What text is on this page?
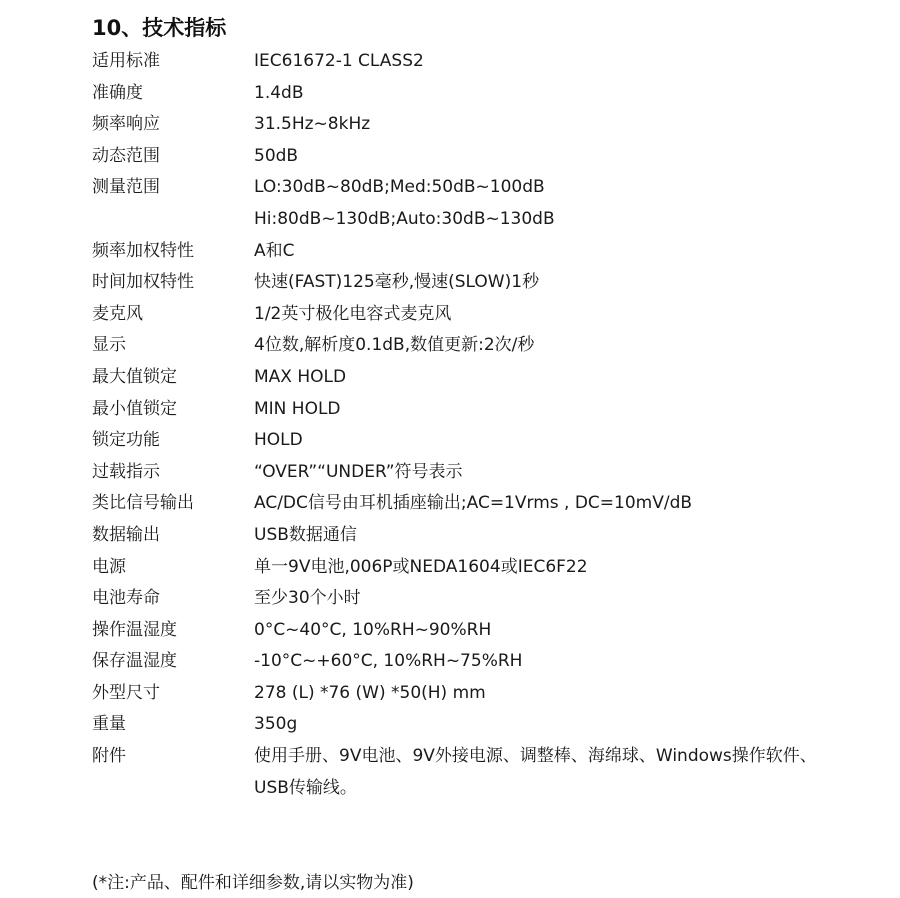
10、技术指标
适用标准	IEC61672-1 CLASS2
准确度	1.4dB
频率响应	31.5Hz~8kHz
动态范围	50dB
测量范围	LO:30dB~80dB;Med:50dB~100dB
Hi:80dB~130dB;Auto:30dB~130dB
频率加权特性	A和C
时间加权特性	快速(FAST)125毫秒,慢速(SLOW)1秒
麦克风	1/2英寸极化电容式麦克风
显示	4位数,解析度0.1dB,数值更新:2次/秒
最大值锁定	MAX HOLD
最小值锁定	MIN HOLD
锁定功能	HOLD
过载指示	“OVER”“UNDER”符号表示
类比信号输出	AC/DC信号由耳机插座输出;AC=1Vrms , DC=10mV/dB
数据输出	USB数据通信
电源	单一9V电池,006P或NEDA1604或IEC6F22
电池寿命	至少30个小时
操作温湿度	0°C~40°C, 10%RH~90%RH
保存温湿度	-10°C~+60°C, 10%RH~75%RH
外型尺寸	278 (L) *76 (W) *50(H) mm
重量	350g
附件	使用手册、9V电池、9V外接电源、调整棒、海绵球、Windows操作软件、
USB传输线。
(*注:产品、配件和详细参数,请以实物为准)
